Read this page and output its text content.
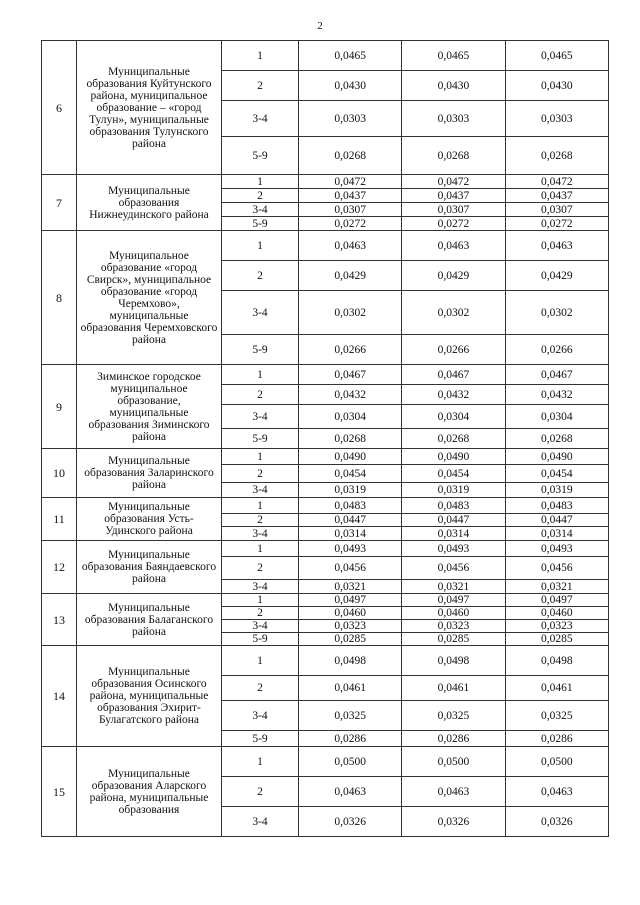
2
6	Муниципальные образования Куйтунского района, муниципальное образование – «город Тулун», муниципальные образования Тулунского района	1	0,0465	0,0465	0,0465
		2	0,0430	0,0430	0,0430
		3-4	0,0303	0,0303	0,0303
		5-9	0,0268	0,0268	0,0268
7	Муниципальные образования Нижнеудинского района	1	0,0472	0,0472	0,0472
		2	0,0437	0,0437	0,0437
		3-4	0,0307	0,0307	0,0307
		5-9	0,0272	0,0272	0,0272
8	Муниципальное образование «город Свирск», муниципальное образование «город Черемхово», муниципальные образования Черемховского района	1	0,0463	0,0463	0,0463
		2	0,0429	0,0429	0,0429
		3-4	0,0302	0,0302	0,0302
		5-9	0,0266	0,0266	0,0266
9	Зиминское городское муниципальное образование, муниципальные образования Зиминского района	1	0,0467	0,0467	0,0467
		2	0,0432	0,0432	0,0432
		3-4	0,0304	0,0304	0,0304
		5-9	0,0268	0,0268	0,0268
10	Муниципальные образования Заларинского района	1	0,0490	0,0490	0,0490
		2	0,0454	0,0454	0,0454
		3-4	0,0319	0,0319	0,0319
11	Муниципальные образования Усть-Удинского района	1	0,0483	0,0483	0,0483
		2	0,0447	0,0447	0,0447
		3-4	0,0314	0,0314	0,0314
12	Муниципальные образования Баяндаевского района	1	0,0493	0,0493	0,0493
		2	0,0456	0,0456	0,0456
		3-4	0,0321	0,0321	0,0321
13	Муниципальные образования Балаганского района	1	0,0497	0,0497	0,0497
		2	0,0460	0,0460	0,0460
		3-4	0,0323	0,0323	0,0323
		5-9	0,0285	0,0285	0,0285
14	Муниципальные образования Осинского района, муниципальные образования Эхирит-Булагатского района	1	0,0498	0,0498	0,0498
		2	0,0461	0,0461	0,0461
		3-4	0,0325	0,0325	0,0325
		5-9	0,0286	0,0286	0,0286
15	Муниципальные образования Аларского района, муниципальные образования	1	0,0500	0,0500	0,0500
		2	0,0463	0,0463	0,0463
		3-4	0,0326	0,0326	0,0326
